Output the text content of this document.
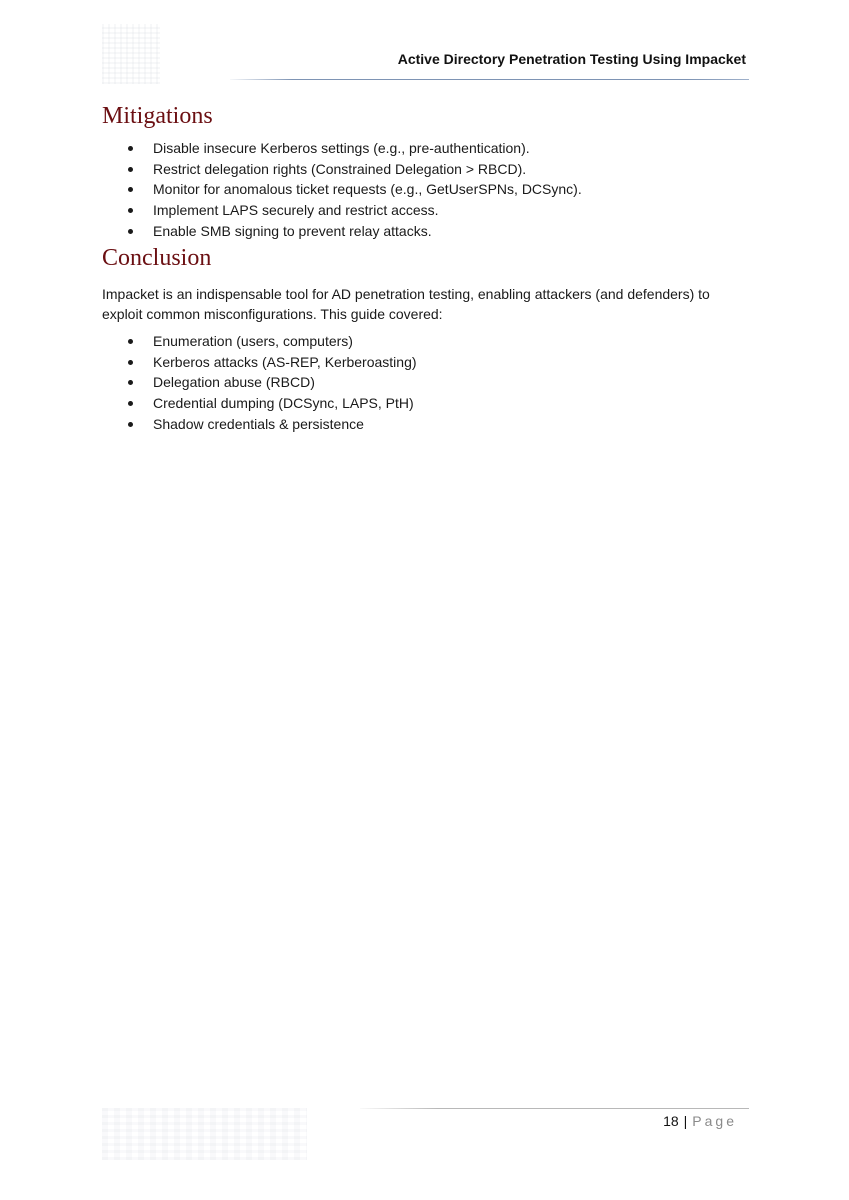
Active Directory Penetration Testing Using Impacket
Mitigations
Disable insecure Kerberos settings (e.g., pre-authentication).
Restrict delegation rights (Constrained Delegation > RBCD).
Monitor for anomalous ticket requests (e.g., GetUserSPNs, DCSync).
Implement LAPS securely and restrict access.
Enable SMB signing to prevent relay attacks.
Conclusion

Impacket is an indispensable tool for AD penetration testing, enabling attackers (and defenders) to exploit common misconfigurations. This guide covered:

Enumeration (users, computers)
Kerberos attacks (AS-REP, Kerberoasting)
Delegation abuse (RBCD)
Credential dumping (DCSync, LAPS, PtH)
Shadow credentials & persistence
18 | Page
